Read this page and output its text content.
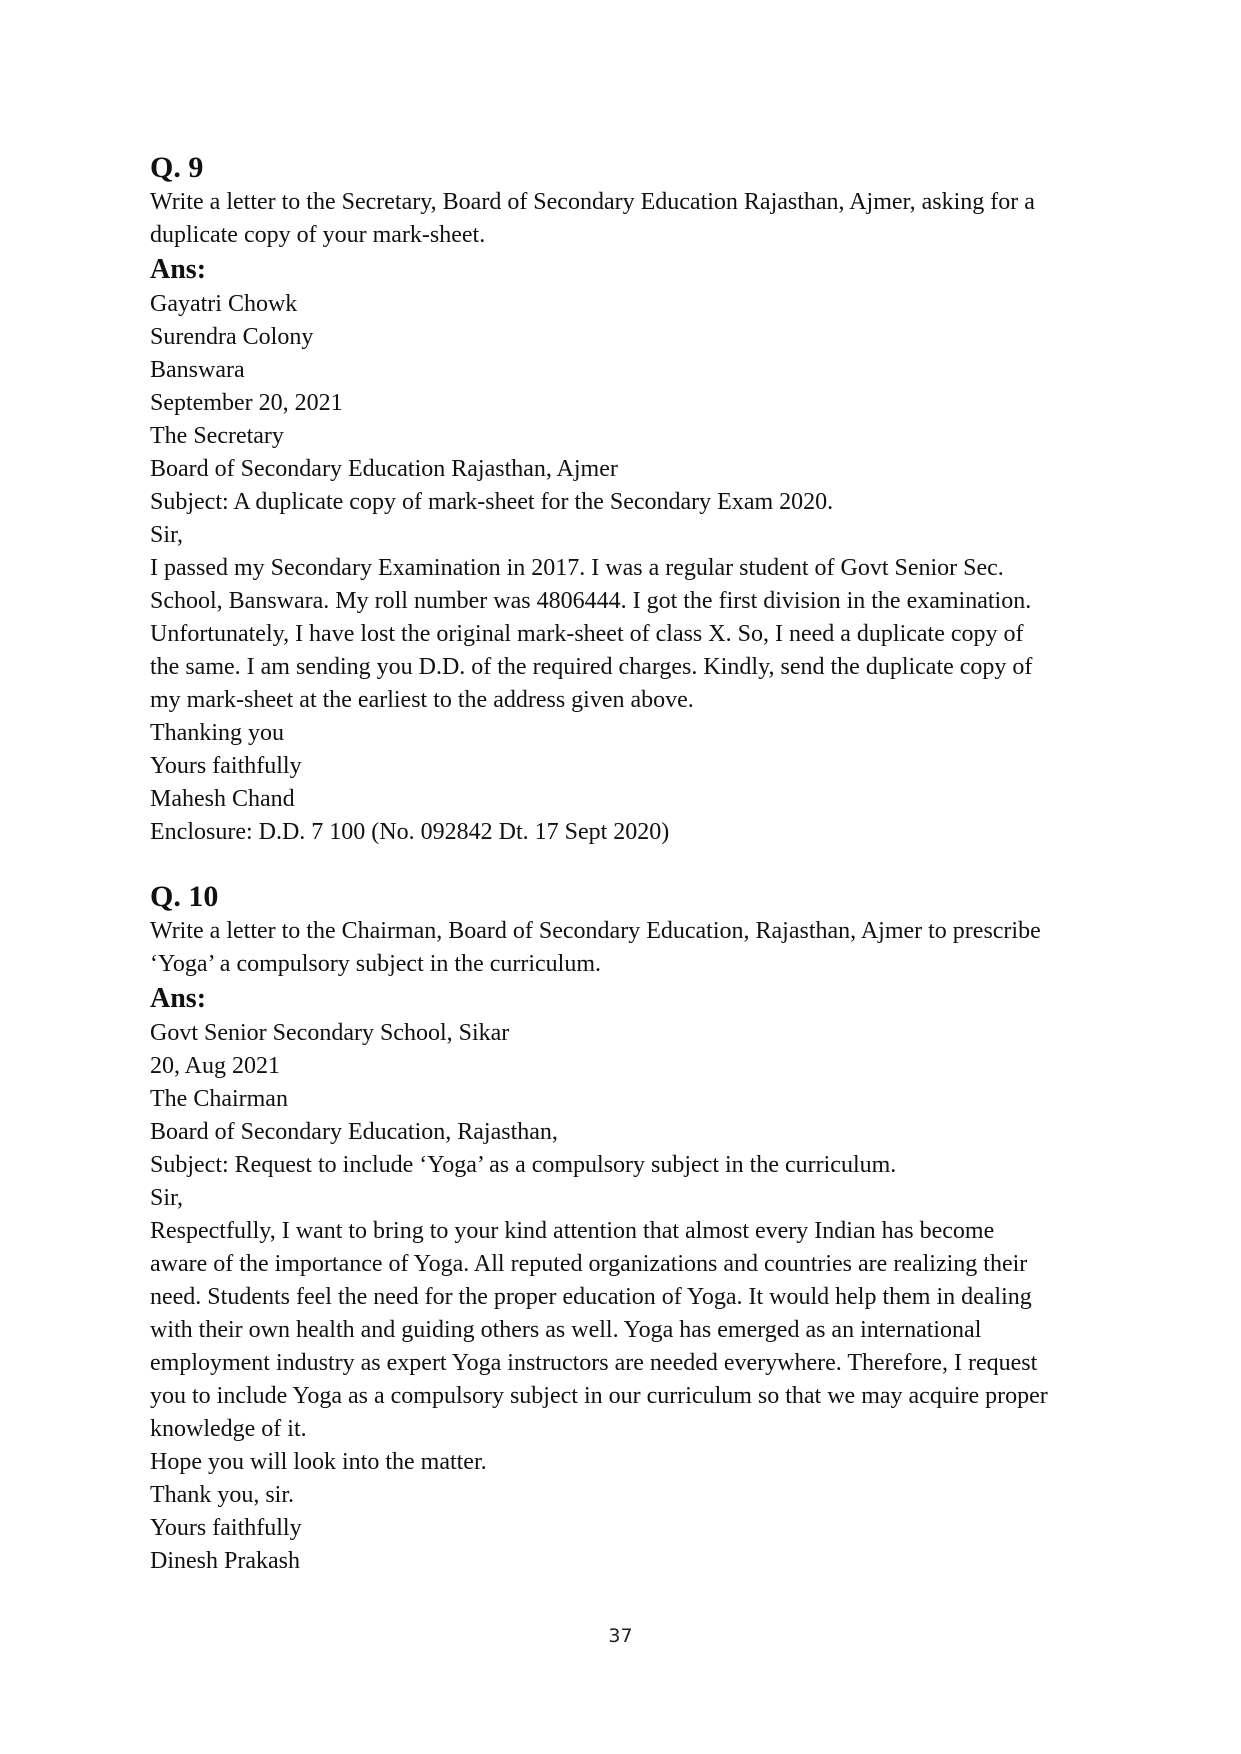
Q. 9

Write a letter to the Secretary, Board of Secondary Education Rajasthan, Ajmer, asking for a

duplicate copy of your mark-sheet.

Ans:

Gayatri Chowk

Surendra Colony

Banswara

September 20, 2021

The Secretary

Board of Secondary Education Rajasthan, Ajmer

Subject: A duplicate copy of mark-sheet for the Secondary Exam 2020.

Sir,

I passed my Secondary Examination in 2017. I was a regular student of Govt Senior Sec.

School, Banswara. My roll number was 4806444. I got the first division in the examination.

Unfortunately, I have lost the original mark-sheet of class X. So, I need a duplicate copy of

the same. I am sending you D.D. of the required charges. Kindly, send the duplicate copy of

my mark-sheet at the earliest to the address given above.

Thanking you

Yours faithfully

Mahesh Chand

Enclosure: D.D. 7 100 (No. 092842 Dt. 17 Sept 2020)

Q. 10

Write a letter to the Chairman, Board of Secondary Education, Rajasthan, Ajmer to prescribe

‘Yoga’ a compulsory subject in the curriculum.

Ans:

Govt Senior Secondary School, Sikar

20, Aug 2021

The Chairman

Board of Secondary Education, Rajasthan,

Subject: Request to include ‘Yoga’ as a compulsory subject in the curriculum.

Sir,

Respectfully, I want to bring to your kind attention that almost every Indian has become

aware of the importance of Yoga. All reputed organizations and countries are realizing their

need. Students feel the need for the proper education of Yoga. It would help them in dealing

with their own health and guiding others as well. Yoga has emerged as an international

employment industry as expert Yoga instructors are needed everywhere. Therefore, I request

you to include Yoga as a compulsory subject in our curriculum so that we may acquire proper

knowledge of it.

Hope you will look into the matter.

Thank you, sir.

Yours faithfully

Dinesh Prakash

37
